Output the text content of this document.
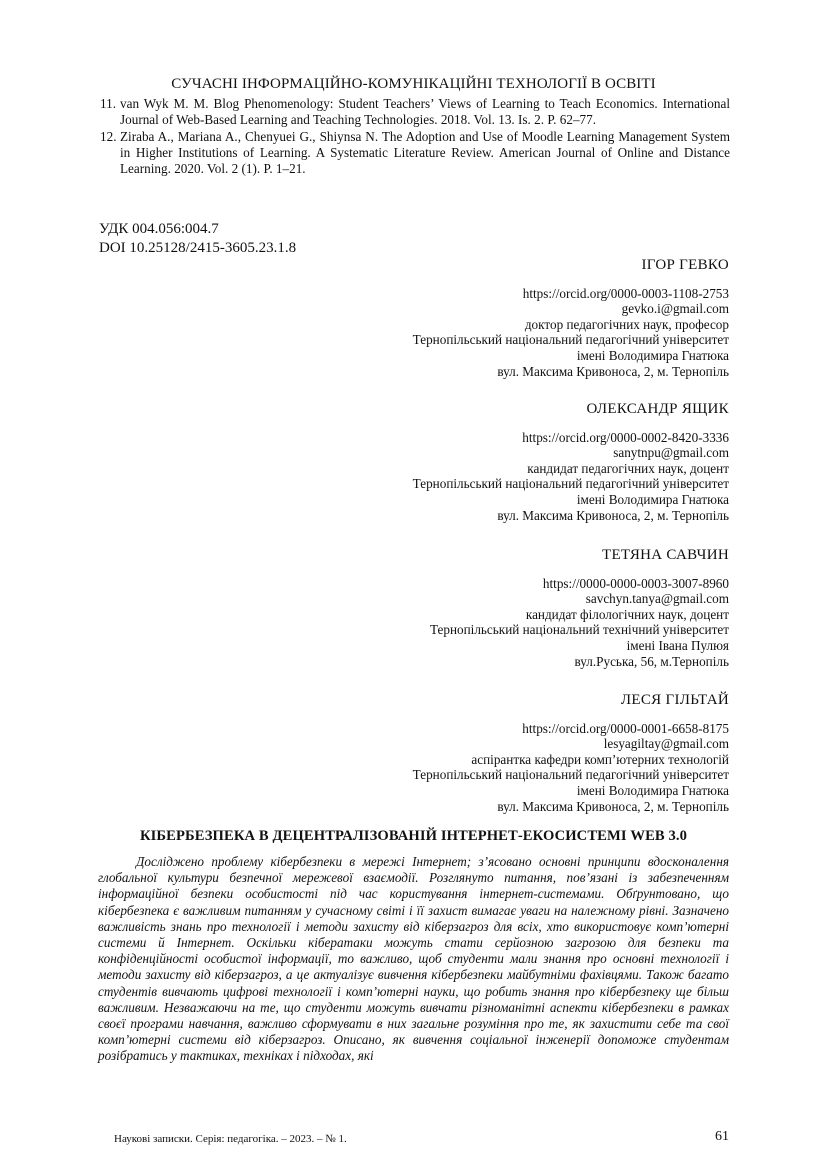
СУЧАСНІ ІНФОРМАЦІЙНО-КОМУНІКАЦІЙНІ ТЕХНОЛОГІЇ В ОСВІТІ

11. van Wyk M. M. Blog Phenomenology: Student Teachers’ Views of Learning to Teach Economics. International Journal of Web-Based Learning and Teaching Technologies. 2018. Vol. 13. Is. 2. P. 62–77.

12. Ziraba A., Mariana A., Chenyuei G., Shiynsa N. The Adoption and Use of Moodle Learning Management System in Higher Institutions of Learning. A Systematic Literature Review. American Journal of Online and Distance Learning. 2020. Vol. 2 (1). P. 1–21.

УДК 004.056:004.7
DOI 10.25128/2415-3605.23.1.8
ІГОР ГЕВКО
https://orcid.org/0000-0003-1108-2753
gevko.i@gmail.com
доктор педагогічних наук, професор
Тернопільський національний педагогічний університет
імені Володимира Гнатюка
вул. Максима Кривоноса, 2, м. Тернопіль
ОЛЕКСАНДР ЯЩИК
https://orcid.org/0000-0002-8420-3336
sanytnpu@gmail.com
кандидат педагогічних наук, доцент
Тернопільський національний педагогічний університет
імені Володимира Гнатюка
вул. Максима Кривоноса, 2, м. Тернопіль
ТЕТЯНА САВЧИН
https://0000-0000-0003-3007-8960
savchyn.tanya@gmail.com
кандидат філологічних наук, доцент
Тернопільський національний технічний університет
імені Івана Пулюя
вул.Руська, 56, м.Тернопіль
ЛЕСЯ ГІЛЬТАЙ
https://orcid.org/0000-0001-6658-8175
lesyagiltay@gmail.com
аспірантка кафедри комп’ютерних технологій
Тернопільський національний педагогічний університет
імені Володимира Гнатюка
вул. Максима Кривоноса, 2, м. Тернопіль
КІБЕРБЕЗПЕКА В ДЕЦЕНТРАЛІЗОВАНІЙ ІНТЕРНЕТ-ЕКОСИСТЕМІ WEB 3.0

Досліджено проблему кібербезпеки в мережі Інтернет; з’ясовано основні принципи вдосконалення глобальної культури безпечної мережевої взаємодії. Розглянуто питання, пов’язані із забезпеченням інформаційної безпеки особистості під час користування інтернет-системами. Обґрунтовано, що кібербезпека є важливим питанням у сучасному світі і її захист вимагає уваги на належному рівні. Зазначено важливість знань про технології і методи захисту від кіберзагроз для всіх, хто використовує комп’ютерні системи й Інтернет. Оскільки кібератаки можуть стати серйозною загрозою для безпеки та конфіденційності особистої інформації, то важливо, щоб студенти мали знання про основні технології і методи захисту від кіберзагроз, а це актуалізує вивчення кібербезпеки майбутніми фахівцями. Також багато студентів вивчають цифрові технології і комп’ютерні науки, що робить знання про кібербезпеку ще більш важливим. Незважаючи на те, що студенти можуть вивчати різноманітні аспекти кібербезпеки в рамках своєї програми навчання, важливо сформувати в них загальне розуміння про те, як захистити себе та свої комп’ютерні системи від кіберзагроз. Описано, як вивчення соціальної інженерії допоможе студентам розібратись у тактиках, техніках і підходах, які

Наукові записки. Серія: педагогіка. – 2023. – № 1.	61
